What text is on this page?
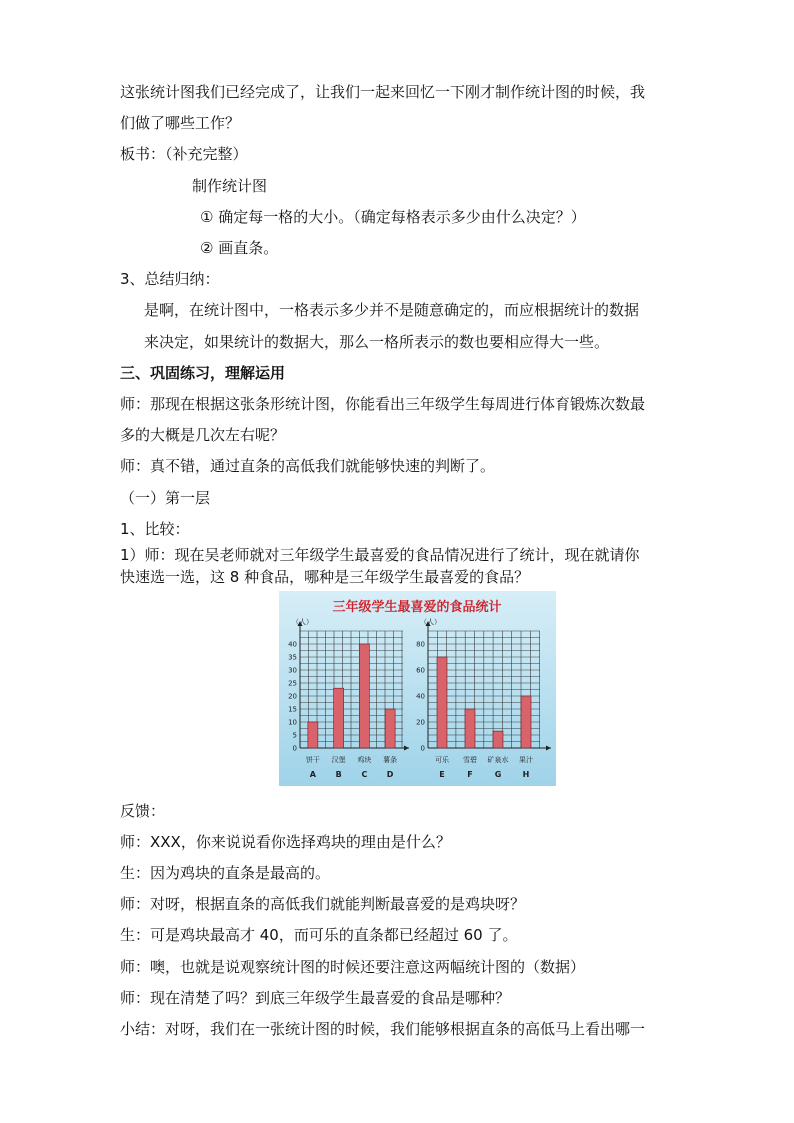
这张统计图我们已经完成了，让我们一起来回忆一下刚才制作统计图的时候，我
们做了哪些工作？
板书：（补充完整）
制作统计图
① 确定每一格的大小。（确定每格表示多少由什么决定？）
② 画直条。
3、总结归纳：
是啊，在统计图中，一格表示多少并不是随意确定的，而应根据统计的数据
来决定，如果统计的数据大，那么一格所表示的数也要相应得大一些。
三、巩固练习，理解运用
师：那现在根据这张条形统计图，你能看出三年级学生每周进行体育锻炼次数最
多的大概是几次左右呢？
师：真不错，通过直条的高低我们就能够快速的判断了。
（一）第一层
1、比较：
1）师：现在吴老师就对三年级学生最喜爱的食品情况进行了统计，现在就请你
快速选一选，这 8 种食品，哪种是三年级学生最喜爱的食品？
三年级学生最喜爱的食品统计
（人）
0
5
10
15
20
25
30
35
40
饼干
A
汉堡
B
鸡块
C
薯条
D
（人）
0
20
40
60
80
可乐
E
雪碧
F
矿泉水
G
果汁
H
反馈：
师：XXX，你来说说看你选择鸡块的理由是什么？
生：因为鸡块的直条是最高的。
师：对呀，根据直条的高低我们就能判断最喜爱的是鸡块呀？
生：可是鸡块最高才 40，而可乐的直条都已经超过 60 了。
师：噢，也就是说观察统计图的时候还要注意这两幅统计图的（数据）
师：现在清楚了吗？到底三年级学生最喜爱的食品是哪种？
小结：对呀，我们在一张统计图的时候，我们能够根据直条的高低马上看出哪一
